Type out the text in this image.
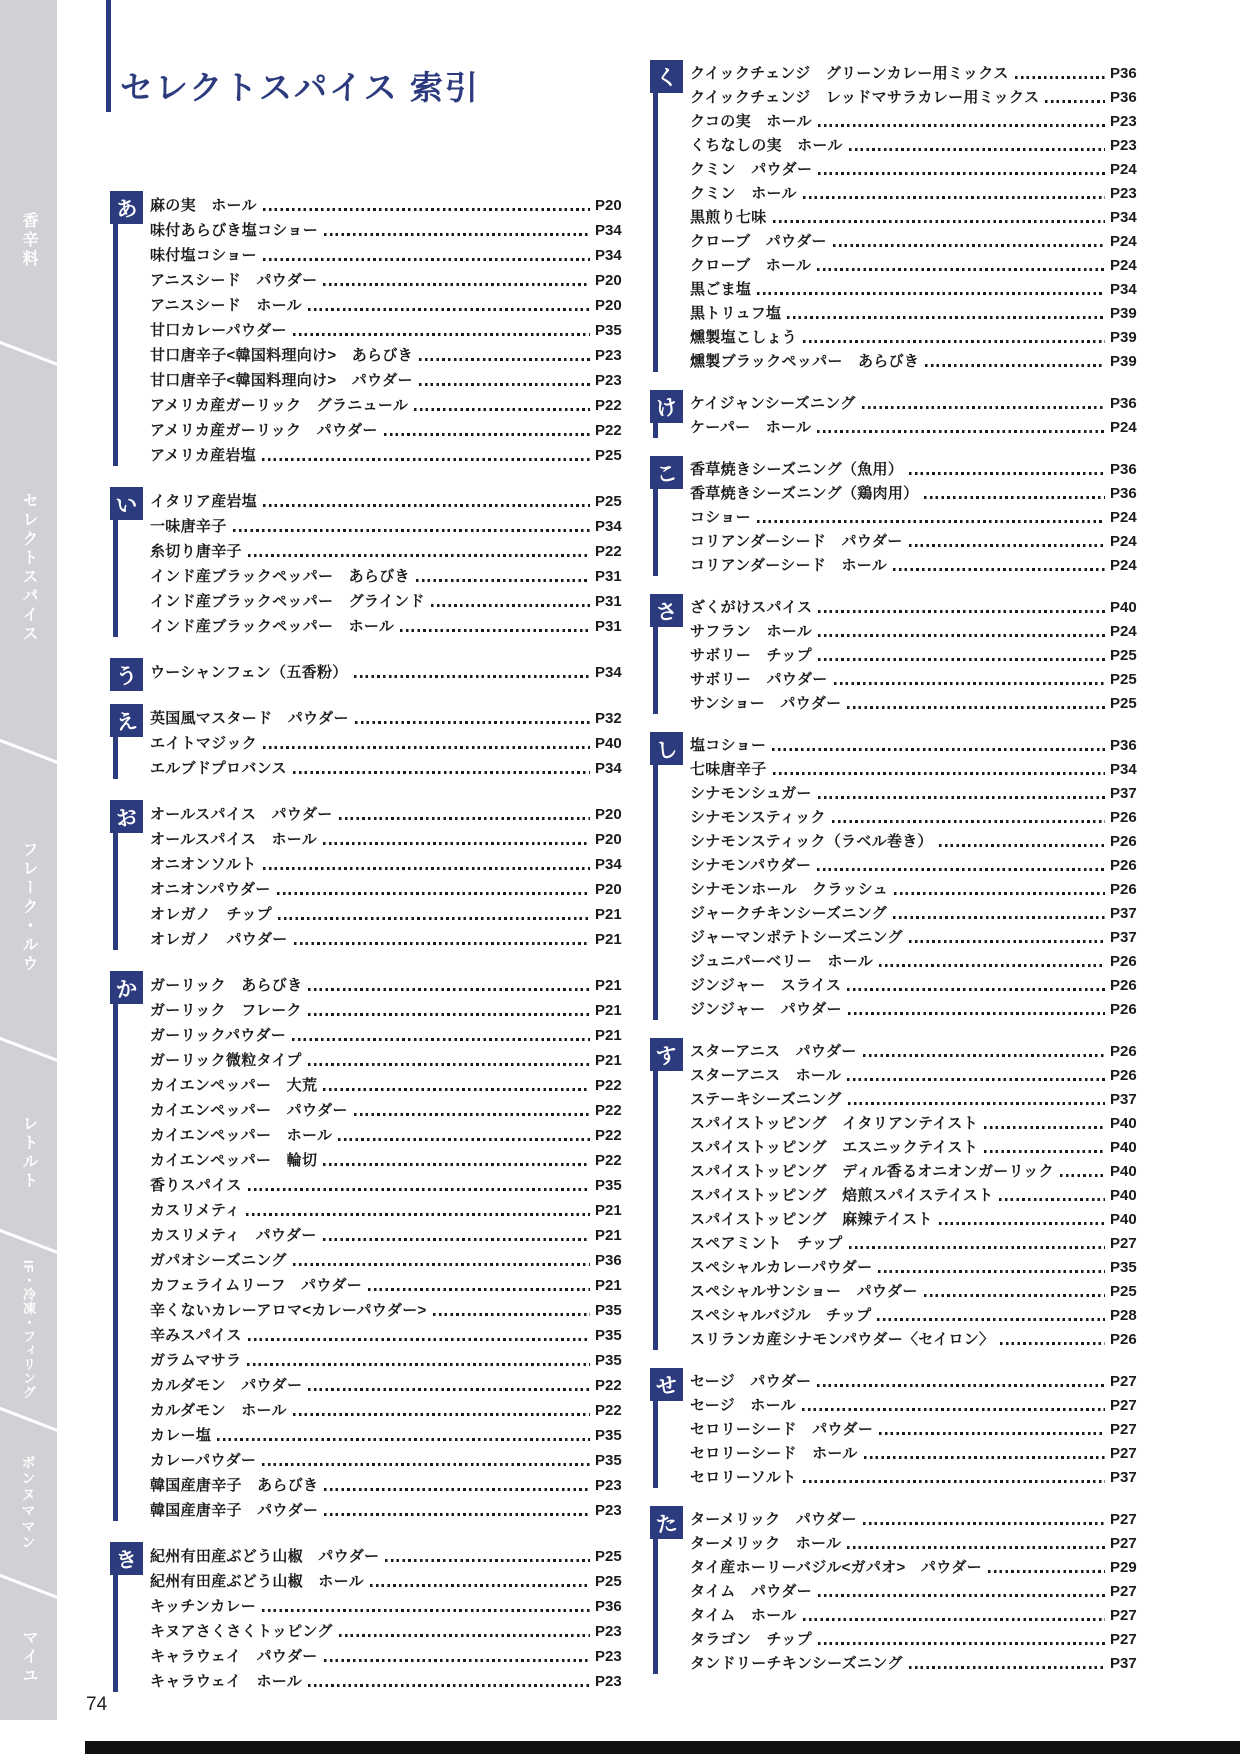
セレクトスパイス 索引
香辛料
セレクトスパイス
フレーク・ルウ
レトルト
IF・冷凍・フィリング
ボンヌママン
マイユ
あ 麻の実　ホール	P20
味付あらびき塩コショー	P34
味付塩コショー	P34
アニスシード　パウダー	P20
アニスシード　ホール	P20
甘口カレーパウダー	P35
甘口唐辛子<韓国料理向け>　あらびき	P23
甘口唐辛子<韓国料理向け>　パウダー	P23
アメリカ産ガーリック　グラニュール	P22
アメリカ産ガーリック　パウダー	P22
アメリカ産岩塩	P25
い イタリア産岩塩	P25
一味唐辛子	P34
糸切り唐辛子	P22
インド産ブラックペッパー　あらびき	P31
インド産ブラックペッパー　グラインド	P31
インド産ブラックペッパー　ホール	P31
う ウーシャンフェン（五香粉）	P34
え 英国風マスタード　パウダー	P32
エイトマジック	P40
エルブドプロバンス	P34
お オールスパイス　パウダー	P20
オールスパイス　ホール	P20
オニオンソルト	P34
オニオンパウダー	P20
オレガノ　チップ	P21
オレガノ　パウダー	P21
か ガーリック　あらびき	P21
ガーリック　フレーク	P21
ガーリックパウダー	P21
ガーリック微粒タイプ	P21
カイエンペッパー　大荒	P22
カイエンペッパー　パウダー	P22
カイエンペッパー　ホール	P22
カイエンペッパー　輪切	P22
香りスパイス	P35
カスリメティ	P21
カスリメティ　パウダー	P21
ガパオシーズニング	P36
カフェライムリーフ　パウダー	P21
辛くないカレーアロマ<カレーパウダー>	P35
辛みスパイス	P35
ガラムマサラ	P35
カルダモン　パウダー	P22
カルダモン　ホール	P22
カレー塩	P35
カレーパウダー	P35
韓国産唐辛子　あらびき	P23
韓国産唐辛子　パウダー	P23
き 紀州有田産ぶどう山椒　パウダー	P25
紀州有田産ぶどう山椒　ホール	P25
キッチンカレー	P36
キヌアさくさくトッピング	P23
キャラウェイ　パウダー	P23
キャラウェイ　ホール	P23
く クイックチェンジ　グリーンカレー用ミックス	P36
クイックチェンジ　レッドマサラカレー用ミックス	P36
クコの実　ホール	P23
くちなしの実　ホール	P23
クミン　パウダー	P24
クミン　ホール	P23
黒煎り七味	P34
クローブ　パウダー	P24
クローブ　ホール	P24
黒ごま塩	P34
黒トリュフ塩	P39
燻製塩こしょう	P39
燻製ブラックペッパー　あらびき	P39
け ケイジャンシーズニング	P36
ケーパー　ホール	P24
こ 香草焼きシーズニング（魚用）	P36
香草焼きシーズニング（鶏肉用）	P36
コショー	P24
コリアンダーシード　パウダー	P24
コリアンダーシード　ホール	P24
さ ざくがけスパイス	P40
サフラン　ホール	P24
サボリー　チップ	P25
サボリー　パウダー	P25
サンショー　パウダー	P25
し 塩コショー	P36
七味唐辛子	P34
シナモンシュガー	P37
シナモンスティック	P26
シナモンスティック（ラベル巻き）	P26
シナモンパウダー	P26
シナモンホール　クラッシュ	P26
ジャークチキンシーズニング	P37
ジャーマンポテトシーズニング	P37
ジュニパーベリー　ホール	P26
ジンジャー　スライス	P26
ジンジャー　パウダー	P26
す スターアニス　パウダー	P26
スターアニス　ホール	P26
ステーキシーズニング	P37
スパイストッピング　イタリアンテイスト	P40
スパイストッピング　エスニックテイスト	P40
スパイストッピング　ディル香るオニオンガーリック	P40
スパイストッピング　焙煎スパイステイスト	P40
スパイストッピング　麻辣テイスト	P40
スペアミント　チップ	P27
スペシャルカレーパウダー	P35
スペシャルサンショー　パウダー	P25
スペシャルバジル　チップ	P28
スリランカ産シナモンパウダー〈セイロン〉	P26
せ セージ　パウダー	P27
セージ　ホール	P27
セロリーシード　パウダー	P27
セロリーシード　ホール	P27
セロリーソルト	P37
た ターメリック　パウダー	P27
ターメリック　ホール	P27
タイ産ホーリーバジル<ガパオ>　パウダー	P29
タイム　パウダー	P27
タイム　ホール	P27
タラゴン　チップ	P27
タンドリーチキンシーズニング	P37
74
